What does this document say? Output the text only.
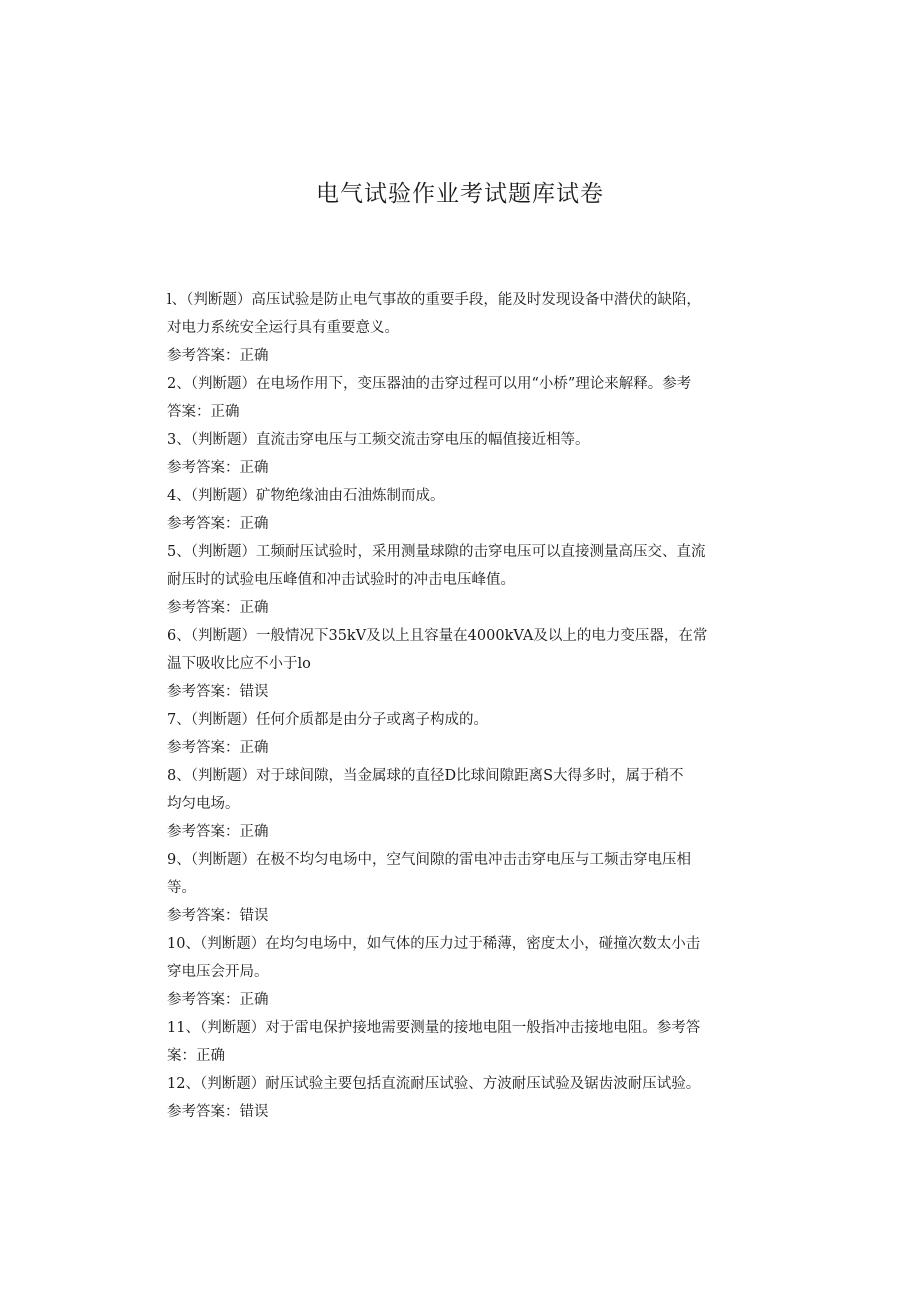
电气试验作业考试题库试卷

l、（判断题）高压试验是防止电气事故的重要手段，能及时发现设备中潜伏的缺陷，

对电力系统安全运行具有重要意义。

参考答案：正确

2、（判断题）在电场作用下，变压器油的击穿过程可以用“小桥”理论来解释。参考

答案：正确

3、（判断题）直流击穿电压与工频交流击穿电压的幅值接近相等。

参考答案：正确

4、（判断题）矿物绝缘油由石油炼制而成。

参考答案：正确

5、（判断题）工频耐压试验时，采用测量球隙的击穿电压可以直接测量高压交、直流

耐压时的试验电压峰值和冲击试验时的冲击电压峰值。

参考答案：正确

6、（判断题）一般情况下35kV及以上且容量在4000kVA及以上的电力变压器，在常

温下吸收比应不小于lo

参考答案：错误

7、（判断题）任何介质都是由分子或离子构成的。

参考答案：正确

8、（判断题）对于球间隙，当金属球的直径D比球间隙距离S大得多时，属于稍不

均匀电场。

参考答案：正确

9、（判断题）在极不均匀电场中，空气间隙的雷电冲击击穿电压与工频击穿电压相

等。

参考答案：错误

10、（判断题）在均匀电场中，如气体的压力过于稀薄，密度太小，碰撞次数太小击

穿电压会开局。

参考答案：正确

11、（判断题）对于雷电保护接地需要测量的接地电阻一般指冲击接地电阻。参考答

案：正确

12、（判断题）耐压试验主要包括直流耐压试验、方波耐压试验及锯齿波耐压试验。

参考答案：错误
